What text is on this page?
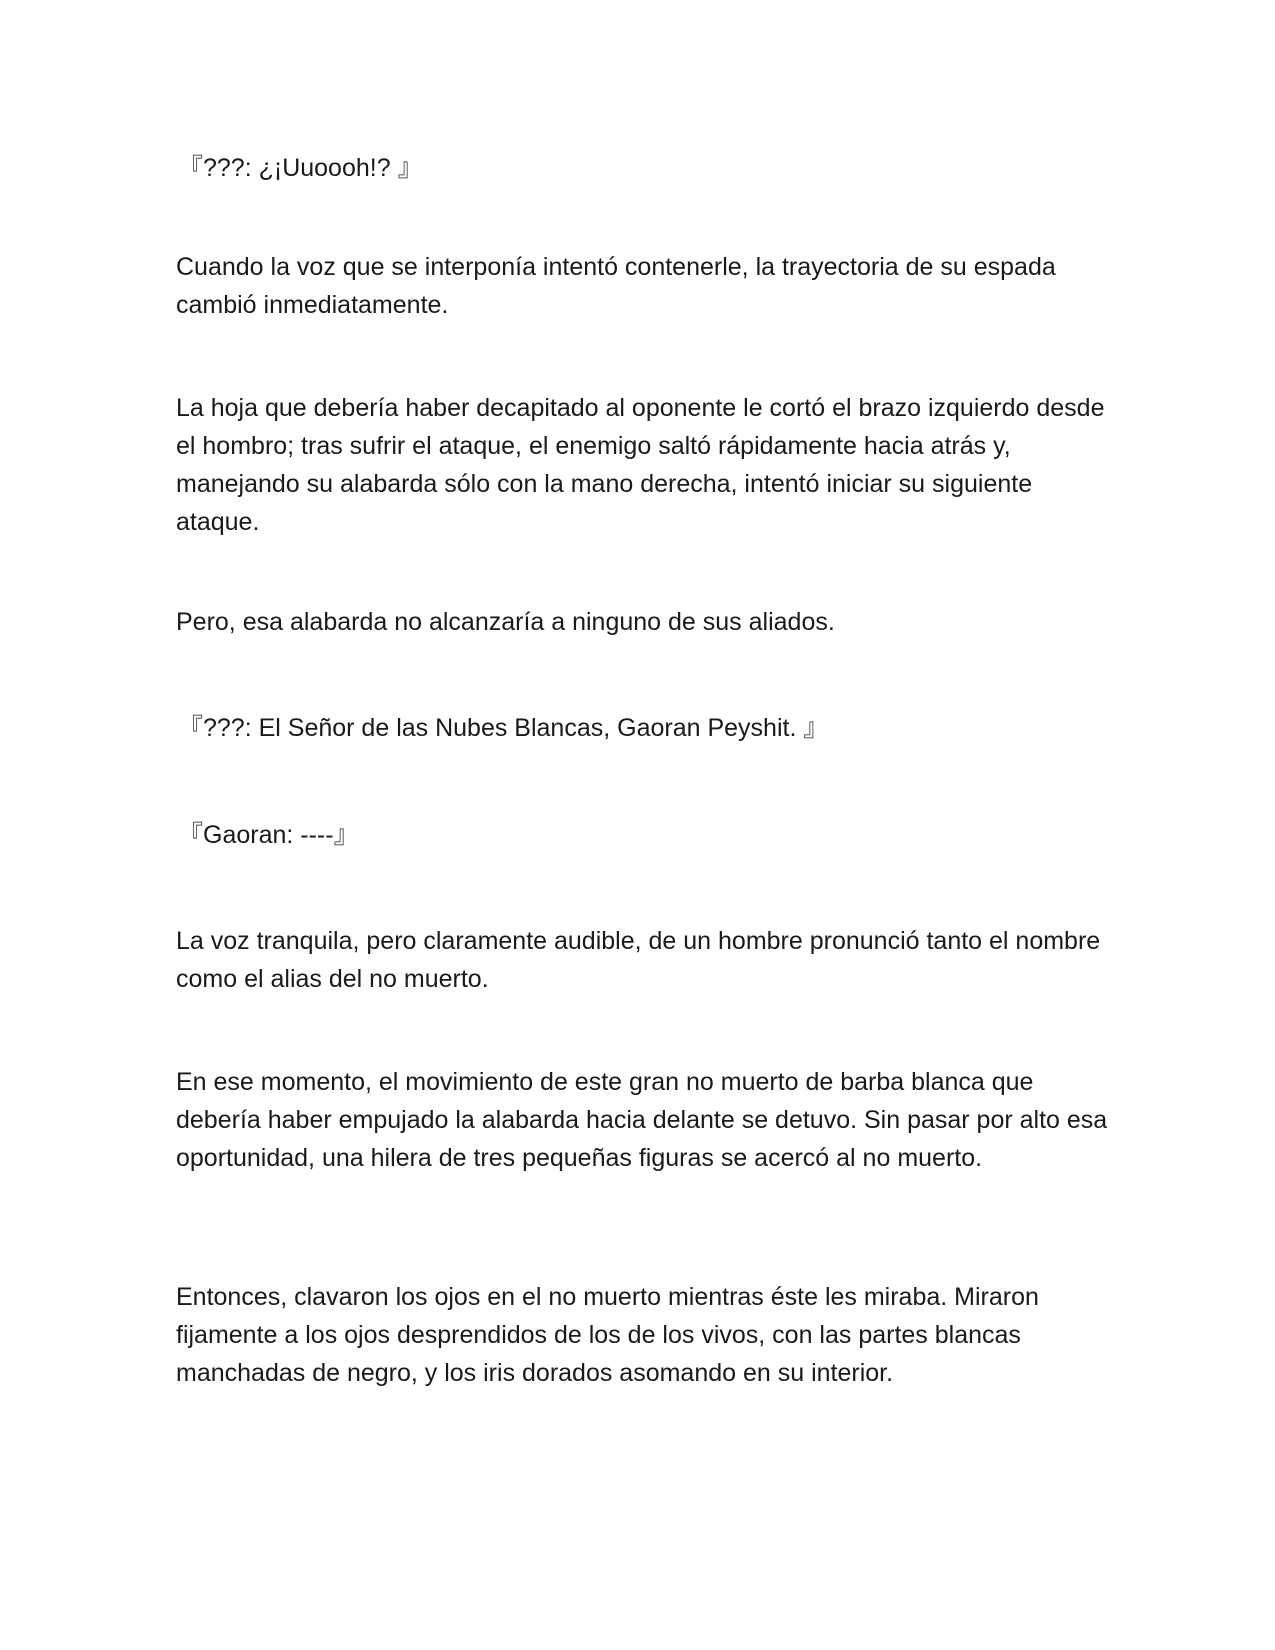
『???: ¿¡Uuoooh!? 』

Cuando la voz que se interponía intentó contenerle, la trayectoria de su espada cambió inmediatamente.

La hoja que debería haber decapitado al oponente le cortó el brazo izquierdo desde el hombro; tras sufrir el ataque, el enemigo saltó rápidamente hacia atrás y, manejando su alabarda sólo con la mano derecha, intentó iniciar su siguiente ataque.

Pero, esa alabarda no alcanzaría a ninguno de sus aliados.

『???: El Señor de las Nubes Blancas, Gaoran Peyshit. 』

『Gaoran: ----』

La voz tranquila, pero claramente audible, de un hombre pronunció tanto el nombre como el alias del no muerto.

En ese momento, el movimiento de este gran no muerto de barba blanca que debería haber empujado la alabarda hacia delante se detuvo. Sin pasar por alto esa oportunidad, una hilera de tres pequeñas figuras se acercó al no muerto.

Entonces, clavaron los ojos en el no muerto mientras éste les miraba. Miraron fijamente a los ojos desprendidos de los de los vivos, con las partes blancas manchadas de negro, y los iris dorados asomando en su interior.
